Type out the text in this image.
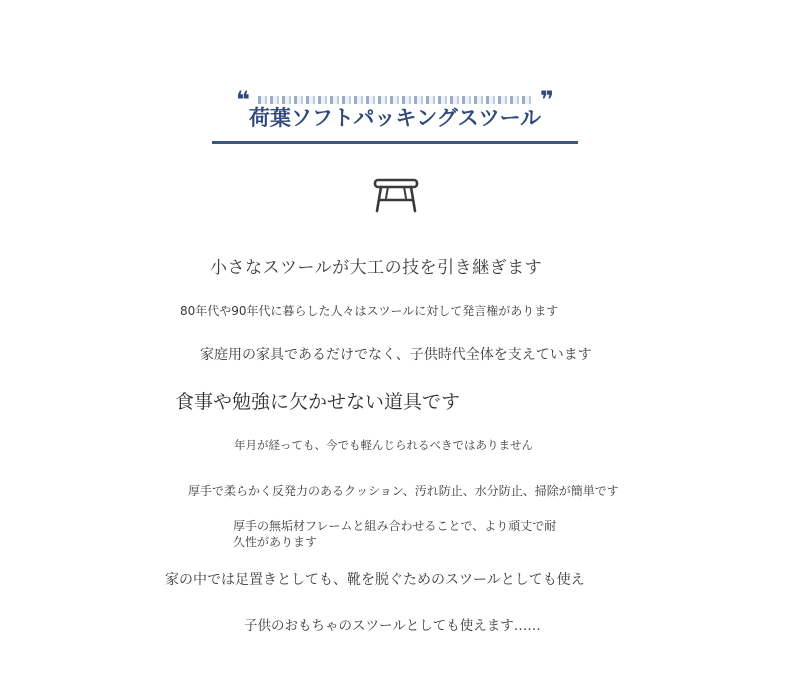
❝	❞
荷葉ソフトパッキングスツール
小さなスツールが大工の技を引き継ぎます
80年代や90年代に暮らした人々はスツールに対して発言権があります
家庭用の家具であるだけでなく、子供時代全体を支えています
食事や勉強に欠かせない道具です
年月が経っても、今でも軽んじられるべきではありません
厚手で柔らかく反発力のあるクッション、汚れ防止、水分防止、掃除が簡単です
厚手の無垢材フレームと組み合わせることで、より頑丈で耐
久性があります
家の中では足置きとしても、靴を脱ぐためのスツールとしても使え
子供のおもちゃのスツールとしても使えます……
